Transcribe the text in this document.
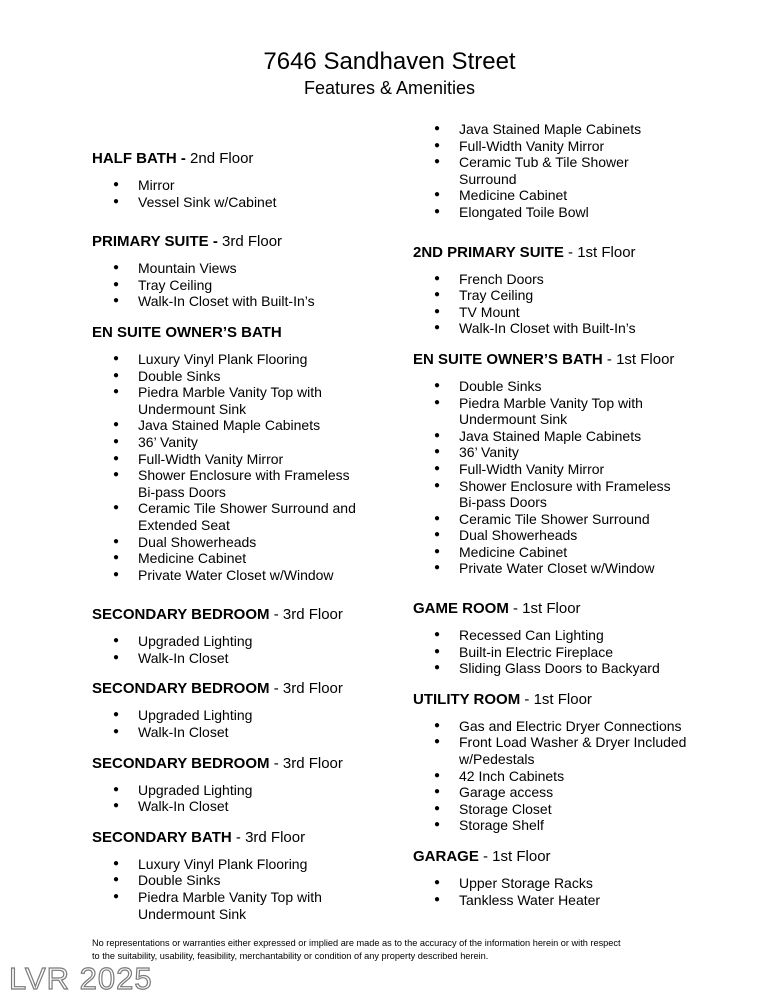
7646 Sandhaven Street
Features & Amenities
HALF BATH - 2nd Floor
● Mirror
● Vessel Sink w/Cabinet
PRIMARY SUITE - 3rd Floor
● Mountain Views
● Tray Ceiling
● Walk-In Closet with Built-In’s
EN SUITE OWNER’S BATH
● Luxury Vinyl Plank Flooring
● Double Sinks
● Piedra Marble Vanity Top with
Undermount Sink
● Java Stained Maple Cabinets
● 36’ Vanity
● Full-Width Vanity Mirror
● Shower Enclosure with Frameless
Bi-pass Doors
● Ceramic Tile Shower Surround and
Extended Seat
● Dual Showerheads
● Medicine Cabinet
● Private Water Closet w/Window
SECONDARY BEDROOM - 3rd Floor
● Upgraded Lighting
● Walk-In Closet
SECONDARY BEDROOM - 3rd Floor
● Upgraded Lighting
● Walk-In Closet
SECONDARY BEDROOM - 3rd Floor
● Upgraded Lighting
● Walk-In Closet
SECONDARY BATH - 3rd Floor
● Luxury Vinyl Plank Flooring
● Double Sinks
● Piedra Marble Vanity Top with
Undermount Sink
● Java Stained Maple Cabinets
● Full-Width Vanity Mirror
● Ceramic Tub & Tile Shower
Surround
● Medicine Cabinet
● Elongated Toile Bowl
2ND PRIMARY SUITE - 1st Floor
● French Doors
● Tray Ceiling
● TV Mount
● Walk-In Closet with Built-In’s
EN SUITE OWNER’S BATH - 1st Floor
● Double Sinks
● Piedra Marble Vanity Top with
Undermount Sink
● Java Stained Maple Cabinets
● 36’ Vanity
● Full-Width Vanity Mirror
● Shower Enclosure with Frameless
Bi-pass Doors
● Ceramic Tile Shower Surround
● Dual Showerheads
● Medicine Cabinet
● Private Water Closet w/Window
GAME ROOM - 1st Floor
● Recessed Can Lighting
● Built-in Electric Fireplace
● Sliding Glass Doors to Backyard
UTILITY ROOM - 1st Floor
● Gas and Electric Dryer Connections
● Front Load Washer & Dryer Included
w/Pedestals
● 42 Inch Cabinets
● Garage access
● Storage Closet
● Storage Shelf
GARAGE - 1st Floor
● Upper Storage Racks
● Tankless Water Heater
No representations or warranties either expressed or implied are made as to the accuracy of the information herein or with respect
to the suitability, usability, feasibility, merchantability or condition of any property described herein.
LVR 2025
